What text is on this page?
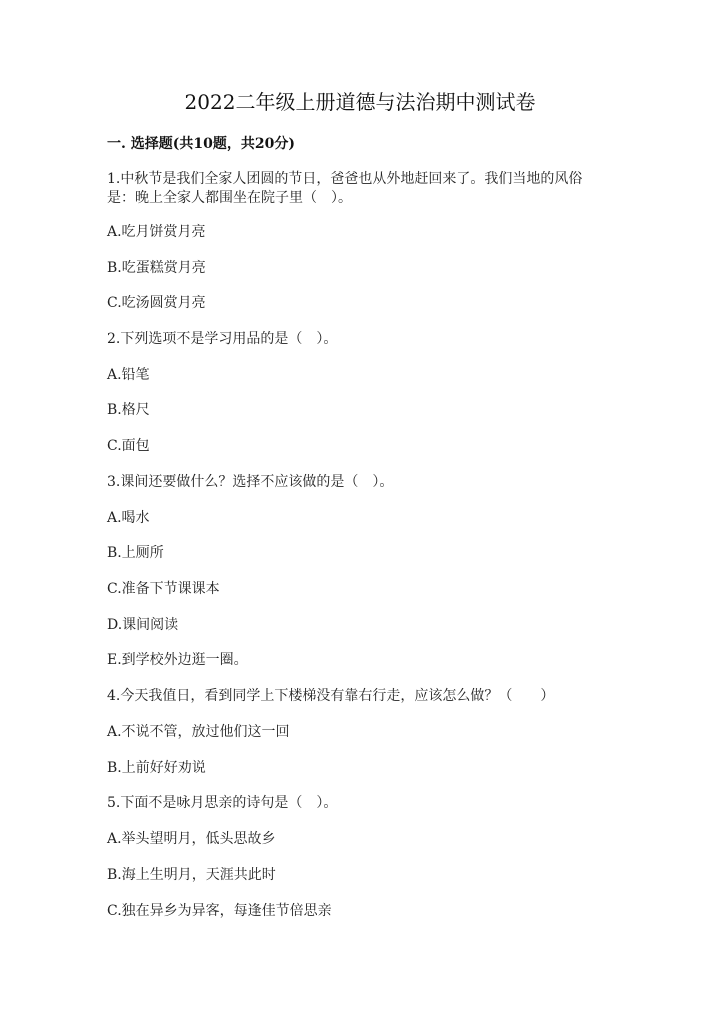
2022二年级上册道德与法治期中测试卷
一. 选择题(共10题，共20分)
1.中秋节是我们全家人团圆的节日，爸爸也从外地赶回来了。我们当地的风俗
是：晚上全家人都围坐在院子里（　）。
A.吃月饼赏月亮
B.吃蛋糕赏月亮
C.吃汤圆赏月亮
2.下列选项不是学习用品的是（　）。
A.铅笔
B.格尺
C.面包
3.课间还要做什么？选择不应该做的是（　）。
A.喝水
B.上厕所
C.准备下节课课本
D.课间阅读
E.到学校外边逛一圈。
4.今天我值日，看到同学上下楼梯没有靠右行走，应该怎么做？（　　）
A.不说不管，放过他们这一回
B.上前好好劝说
5.下面不是咏月思亲的诗句是（　）。
A.举头望明月，低头思故乡
B.海上生明月，天涯共此时
C.独在异乡为异客，每逢佳节倍思亲
